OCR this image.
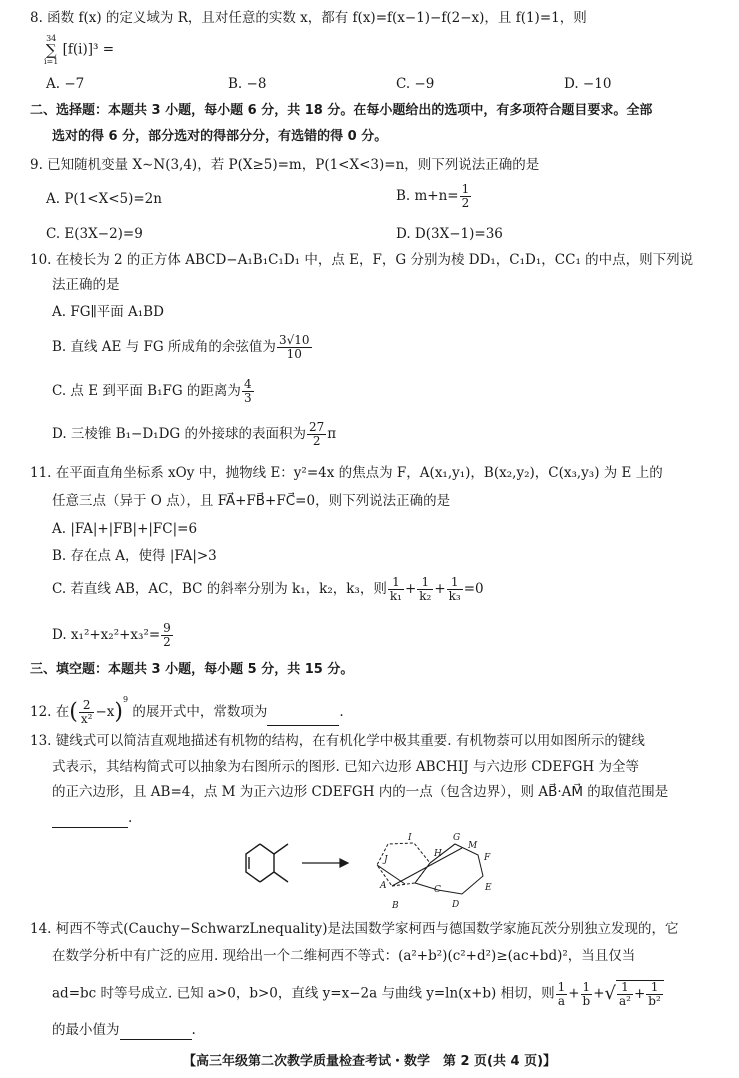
8. 函数 f(x) 的定义域为 R，且对任意的实数 x，都有 f(x)=f(x−1)−f(2−x)，且 f(1)=1，则
34
∑
i=1
[f(i)]³ =
A. −7	B. −8	C. −9	D. −10
二、选择题：本题共 3 小题，每小题 6 分，共 18 分。在每小题给出的选项中，有多项符合题目要求。全部
选对的得 6 分，部分选对的得部分分，有选错的得 0 分。
9. 已知随机变量 X∼N(3,4)，若 P(X≥5)=m，P(1<X<3)=n，则下列说法正确的是
A. P(1<X<5)=2n	B. $m+n= \frac{1}{2}$
C. E(3X−2)=9	D. D(3X−1)=36
10. 在棱长为 2 的正方体 ABCD−A₁B₁C₁D₁ 中，点 E，F，G 分别为棱 DD₁，C₁D₁，CC₁ 的中点，则下列说
法正确的是
A. FG∥平面 A₁BD
B. 直线 AE 与 FG 所成角的余弦值为 $\frac{3√10}{10}$
C. 点 E 到平面 B₁FG 的距离为 $\frac{4}{3}$
D. 三棱锥 B₁−D₁DG 的外接球的表面积为 $\frac{27}{2}$ π
11. 在平面直角坐标系 xOy 中，抛物线 E：y²=4x 的焦点为 F，A(x₁,y₁)，B(x₂,y₂)，C(x₃,y₃) 为 E 上的
任意三点（异于 O 点），且 FA⃗+FB⃗+FC⃗=0，则下列说法正确的是
A. |FA|+|FB|+|FC|=6
B. 存在点 A，使得 |FA|>3
C. 若直线 AB，AC，BC 的斜率分别为 k₁，k₂，k₃，则 $\frac{1}{\text{k₁}} + \frac{1}{\text{k₂}} + \frac{1}{\text{k₃}} =0$
D. $x_1^2+x_2^2+x_3^2= \frac{9}{2}$
三、填空题：本题共 3 小题，每小题 5 分，共 15 分。
12. 在( $\frac{2}{\text{x²}} -x)^9$ 的展开式中，常数项为	.
13. 键线式可以简洁直观地描述有机物的结构，在有机化学中极其重要. 有机物萘可以用如图所示的键线
式表示，其结构简式可以抽象为右图所示的图形. 已知六边形 ABCHIJ 与六边形 CDEFGH 为全等
的正六边形，且 AB=4，点 M 为正六边形 CDEFGH 内的一点（包含边界），则 AB⃗·AM⃗ 的取值范围是
.
I
J
H
G
M
F
A	C	E
B	D
14. 柯西不等式(Cauchy−SchwarzLnequality)是法国数学家柯西与德国数学家施瓦茨分别独立发现的，它
在数学分析中有广泛的应用. 现给出一个二维柯西不等式：(a²+b²)(c²+d²)≥(ac+bd)²，当且仅当
ad=bc 时等号成立. 已知 a>0，b>0，直线 y=x−2a 与曲线 y=ln(x+b) 相切，则 $\frac{1}{a} + \frac{1}{b}$ +√ $\frac{1}{\text{a²}} + \frac{1}{\text{b²}}$
的最小值为	.
【高三年级第二次教学质量检查考试・数学　第 2 页(共 4 页)】
